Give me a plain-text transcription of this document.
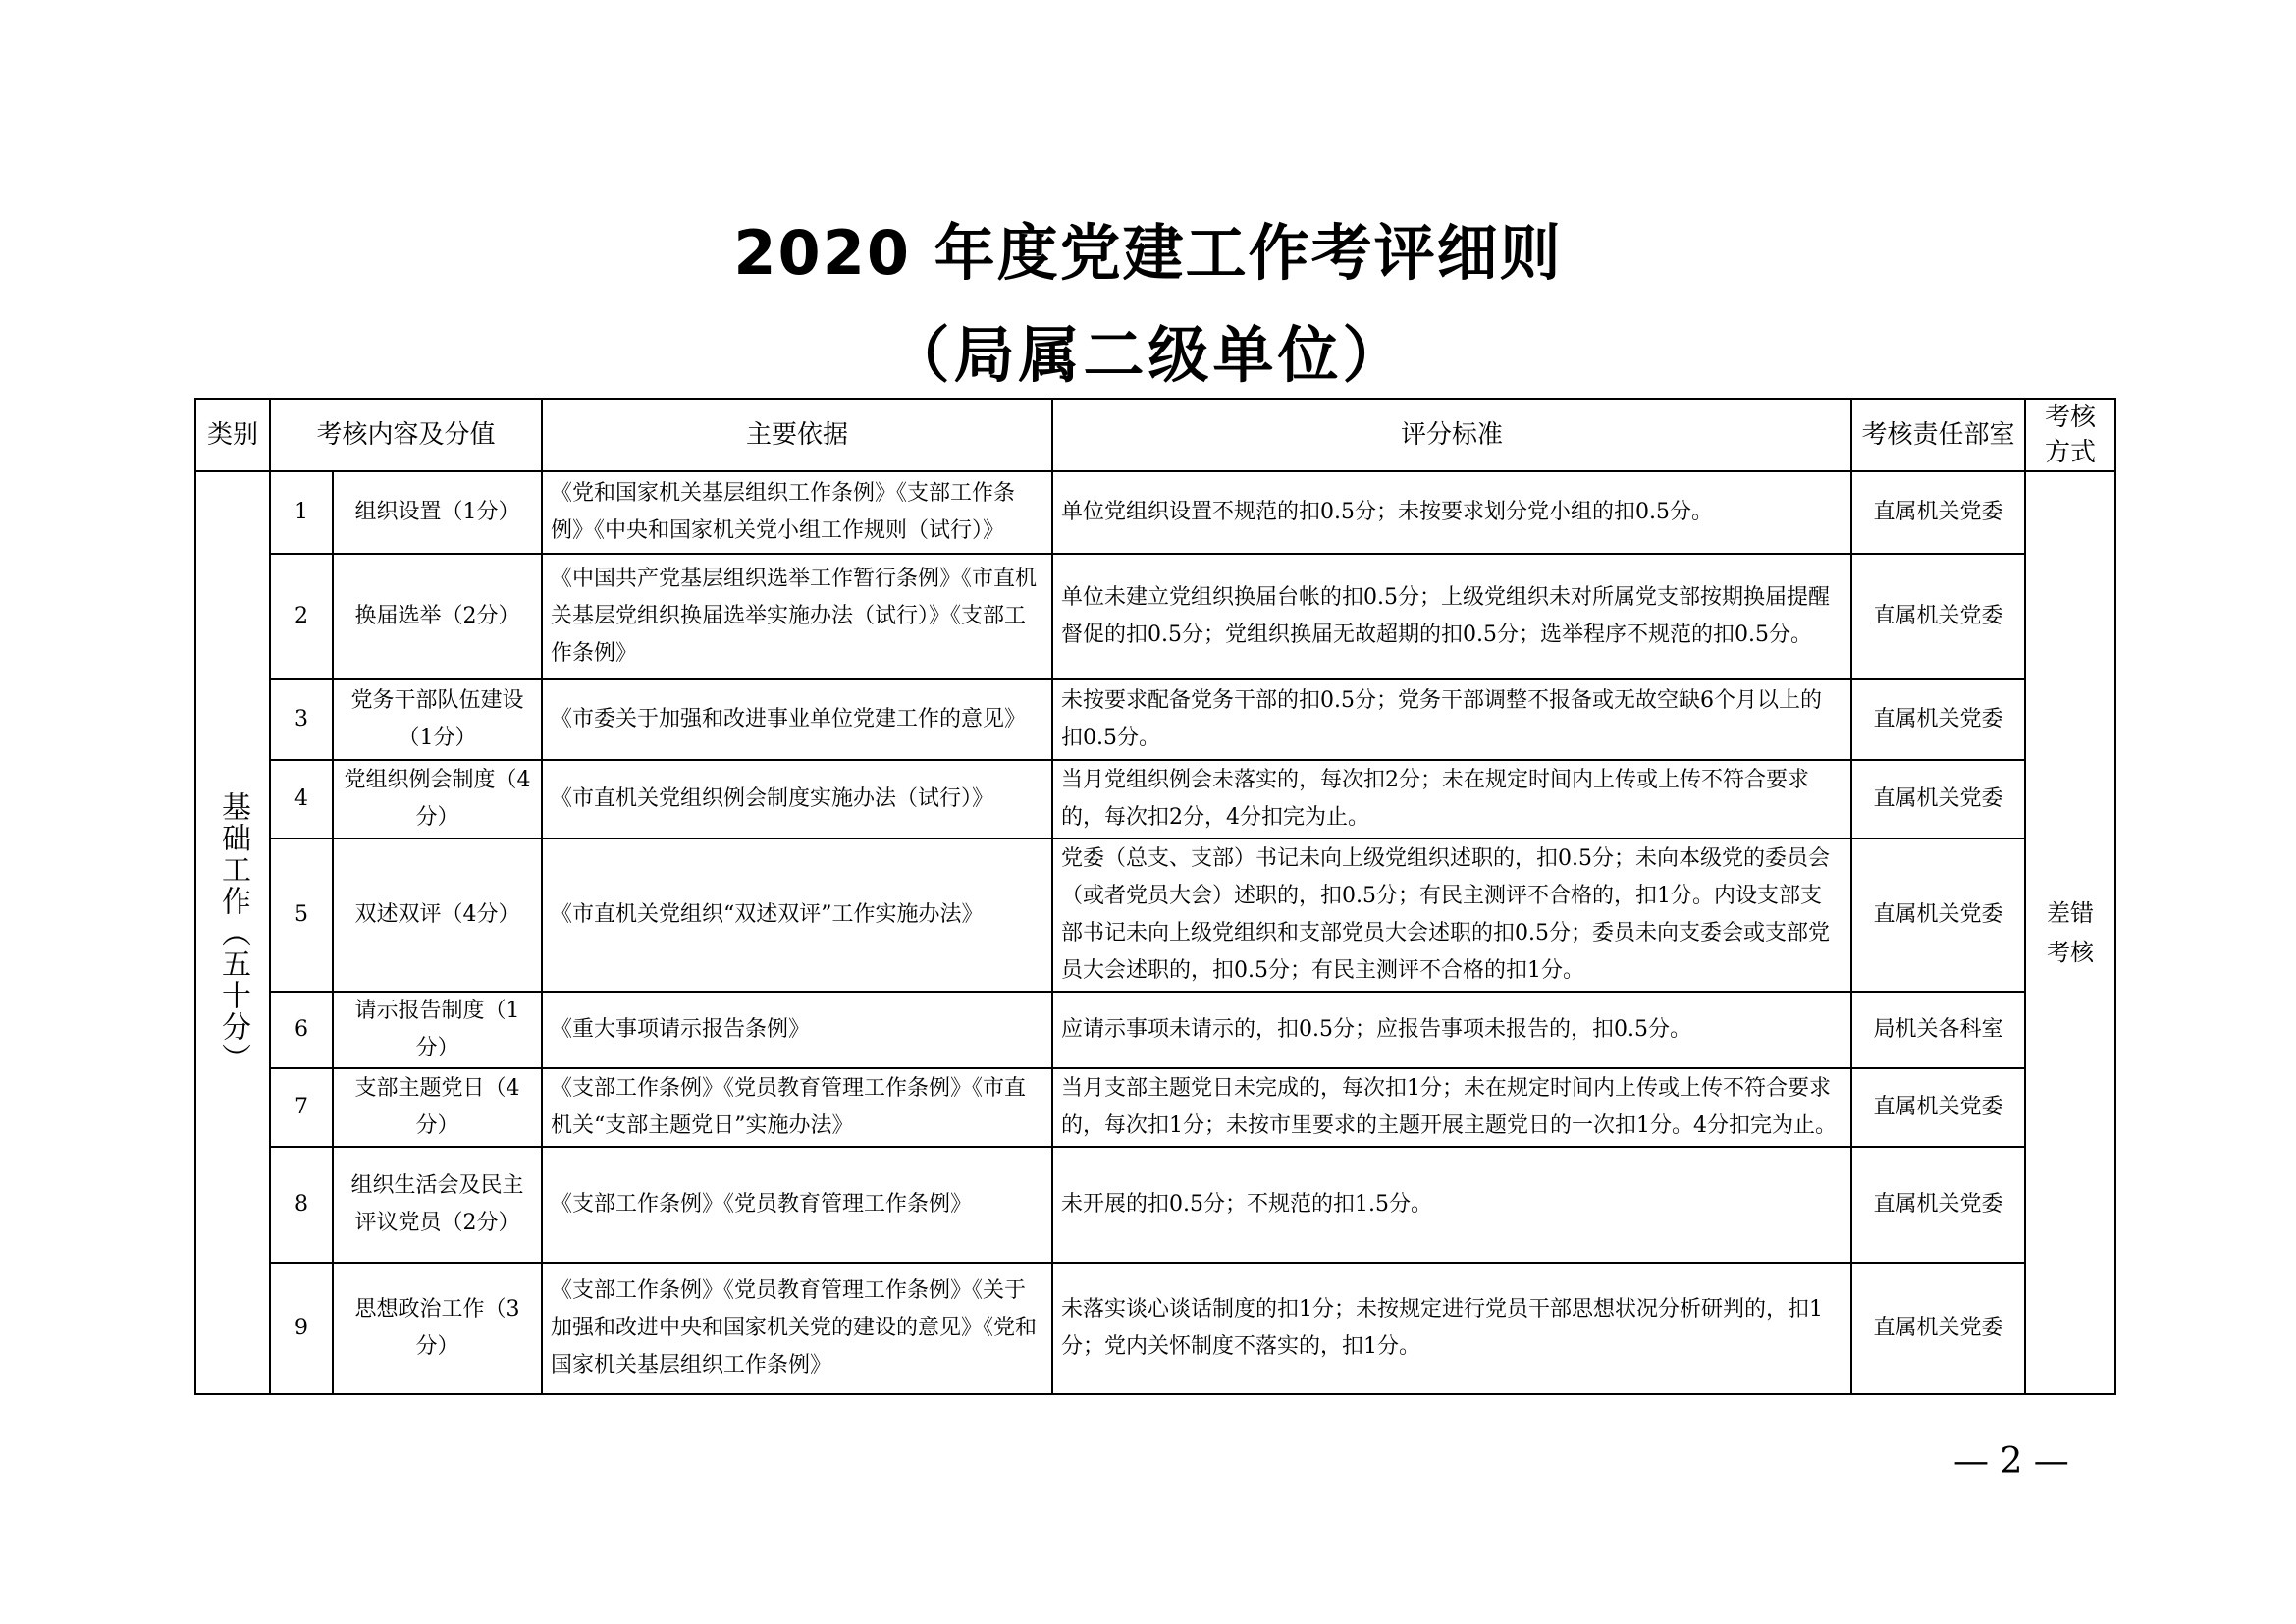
2020 年度党建工作考评细则
（局属二级单位）
类别	考核内容及分值		主要依据	评分标准	考核责任部室	考核方式

基础工作（五十分）	1	组织设置（1分）	《党和国家机关基层组织工作条例》《支部工作条例》《中央和国家机关党小组工作规则（试行）》	单位党组织设置不规范的扣0.5分；未按要求划分党小组的扣0.5分。	直属机关党委	差错考核
	2	换届选举（2分）	《中国共产党基层组织选举工作暂行条例》《市直机关基层党组织换届选举实施办法（试行）》《支部工作条例》	单位未建立党组织换届台帐的扣0.5分；上级党组织未对所属党支部按期换届提醒督促的扣0.5分；党组织换届无故超期的扣0.5分；选举程序不规范的扣0.5分。	直属机关党委	
	3	党务干部队伍建设（1分）	《市委关于加强和改进事业单位党建工作的意见》	未按要求配备党务干部的扣0.5分；党务干部调整不报备或无故空缺6个月以上的扣0.5分。	直属机关党委	
	4	党组织例会制度（4分）	《市直机关党组织例会制度实施办法（试行）》	当月党组织例会未落实的，每次扣2分；未在规定时间内上传或上传不符合要求的，每次扣2分，4分扣完为止。	直属机关党委	
	5	双述双评（4分）	《市直机关党组织“双述双评”工作实施办法》	党委（总支、支部）书记未向上级党组织述职的，扣0.5分；未向本级党的委员会（或者党员大会）述职的，扣0.5分；有民主测评不合格的，扣1分。内设支部支部书记未向上级党组织和支部党员大会述职的扣0.5分；委员未向支委会或支部党员大会述职的，扣0.5分；有民主测评不合格的扣1分。	直属机关党委	
	6	请示报告制度（1分）	《重大事项请示报告条例》	应请示事项未请示的，扣0.5分；应报告事项未报告的，扣0.5分。	局机关各科室	
	7	支部主题党日（4分）	《支部工作条例》《党员教育管理工作条例》《市直机关“支部主题党日”实施办法》	当月支部主题党日未完成的，每次扣1分；未在规定时间内上传或上传不符合要求的，每次扣1分；未按市里要求的主题开展主题党日的一次扣1分。4分扣完为止。	直属机关党委	
	8	组织生活会及民主评议党员（2分）	《支部工作条例》《党员教育管理工作条例》	未开展的扣0.5分；不规范的扣1.5分。	直属机关党委	
	9	思想政治工作（3分）	《支部工作条例》《党员教育管理工作条例》《关于加强和改进中央和国家机关党的建设的意见》《党和国家机关基层组织工作条例》	未落实谈心谈话制度的扣1分；未按规定进行党员干部思想状况分析研判的，扣1分；党内关怀制度不落实的，扣1分。	直属机关党委	
— 2 —
